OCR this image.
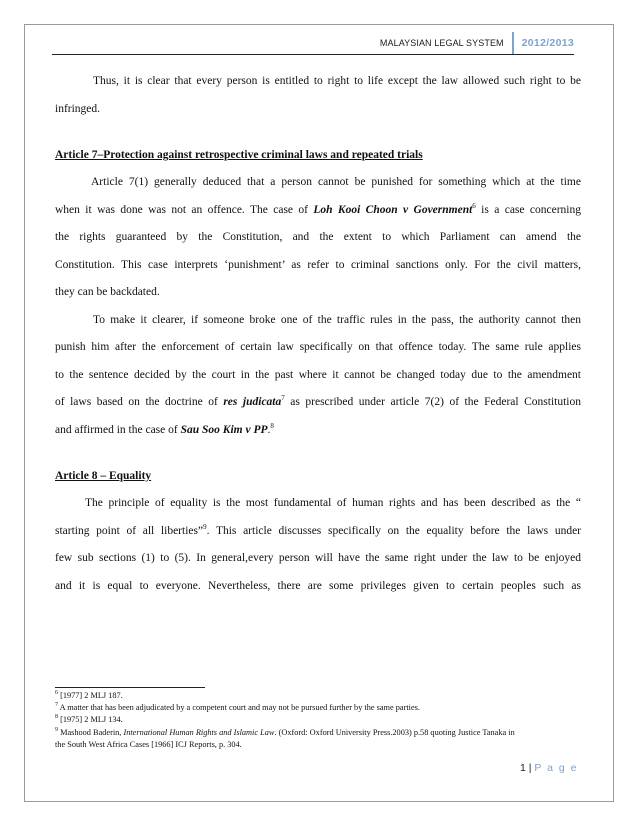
MALAYSIAN LEGAL SYSTEM	2012/2013
Thus, it is clear that every person is entitled to right to life except the law allowed such right to be
infringed.
Article 7–Protection against retrospective criminal laws and repeated trials
Article 7(1) generally deduced that a person cannot be punished for something which at the time
when it was done was not an offence. The case of Loh Kooi Choon v Government$^6$ is a case concerning
the rights guaranteed by the Constitution, and the extent to which Parliament can amend the
Constitution. This case interprets ‘punishment’ as refer to criminal sanctions only. For the civil matters,
they can be backdated.
To make it clearer, if someone broke one of the traffic rules in the pass, the authority cannot then
punish him after the enforcement of certain law specifically on that offence today. The same rule applies
to the sentence decided by the court in the past where it cannot be changed today due to the amendment
of laws based on the doctrine of res judicata$^7$ as prescribed under article 7(2) of the Federal Constitution
and affirmed in the case of Sau Soo Kim v PP.$^8$
Article 8 – Equality
The principle of equality is the most fundamental of human rights and has been described as the “
starting point of all liberties”$^9$. This article discusses specifically on the equality before the laws under
few sub sections (1) to (5). In general,every person will have the same right under the law to be enjoyed
and it is equal to everyone. Nevertheless, there are some privileges given to certain peoples such as
$^6$ [1977] 2 MLJ 187.
$^7$ A matter that has been adjudicated by a competent court and may not be pursued further by the same parties.
$^8$ [1975] 2 MLJ 134.
$^9$ Mashood Baderin, International Human Rights and Islamic Law. (Oxford: Oxford University Press.2003) p.58 quoting Justice Tanaka in
the South West Africa Cases [1966] ICJ Reports, p. 304.
1 | P a g e
